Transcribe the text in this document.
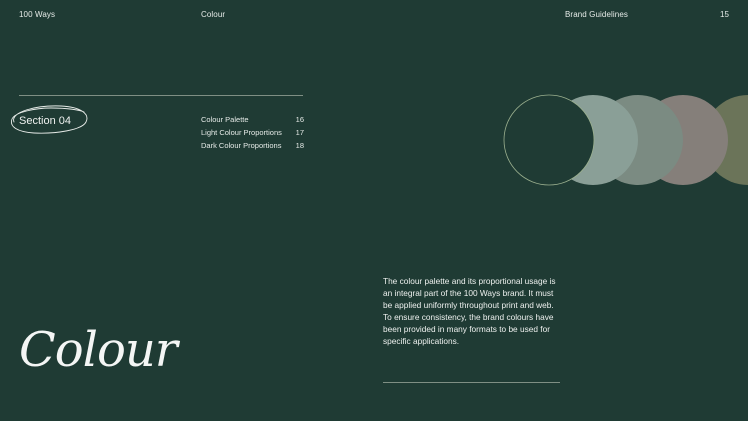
100 Ways	Colour	Brand Guidelines	15
Section 04	Colour Palette	16
Light Colour Proportions 17
Dark Colour Proportions 18
The colour palette and its proportional usage is an integral part of the 100 Ways brand. It must be applied uniformly throughout print and web. To ensure consistency, the brand colours have been provided in many formats to be used for specific applications.
Colour
